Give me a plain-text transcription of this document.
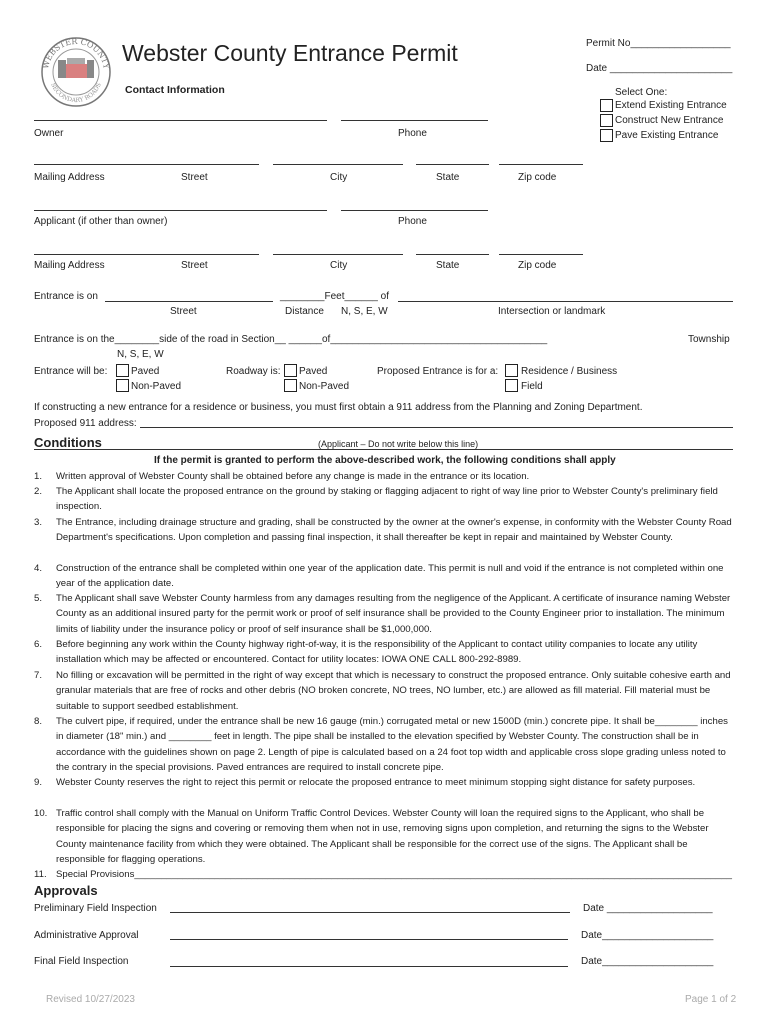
WEBSTER COUNTY
SECONDARY ROADS
Webster County Entrance Permit	Permit No__________________
Date ______________________
Contact Information	Select One:
Extend Existing Entrance
Construct New Entrance
Pave Existing Entrance
Owner	Phone
Mailing Address	Street	City	State	Zip code
Applicant (if other than owner)	Phone
Mailing Address	Street	City	State	Zip code
Entrance is on	________Feet______ of
Street	Distance N, S, E, W	Intersection or landmark
Entrance is on the________side of the road in Section__ ______of_______________________________________	Township
N, S, E, W
Entrance will be: Paved
Non-Paved
Roadway is: Paved
Non-Paved
Proposed Entrance is for a: Residence / Business
Field
If constructing a new entrance for a residence or business, you must first obtain a 911 address from the Planning and Zoning Department.
Proposed 911 address:
Conditions	(Applicant – Do not write below this line)
If the permit is granted to perform the above-described work, the following conditions shall apply
1.	Written approval of Webster County shall be obtained before any change is made in the entrance or its location.
2.	The Applicant shall locate the proposed entrance on the ground by staking or flagging adjacent to right of way line prior to Webster County's preliminary field inspection.
3.	The Entrance, including drainage structure and grading, shall be constructed by the owner at the owner's expense, in conformity with the Webster County Road Department's specifications. Upon completion and passing final inspection, it shall thereafter be kept in repair and maintained by Webster County.
4.	Construction of the entrance shall be completed within one year of the application date. This permit is null and void if the entrance is not completed within one year of the application date.
5.	The Applicant shall save Webster County harmless from any damages resulting from the negligence of the Applicant. A certificate of insurance naming Webster County as an additional insured party for the permit work or proof of self insurance shall be provided to the County Engineer prior to installation. The minimum limits of liability under the insurance policy or proof of self insurance shall be $1,000,000.
6.	Before beginning any work within the County highway right-of-way, it is the responsibility of the Applicant to contact utility companies to locate any utility installation which may be affected or encountered. Contact for utility locates: IOWA ONE CALL 800-292-8989.
7.	No filling or excavation will be permitted in the right of way except that which is necessary to construct the proposed entrance. Only suitable cohesive earth and granular materials that are free of rocks and other debris (NO broken concrete, NO trees, NO lumber, etc.) are allowed as fill material. Fill material must be suitable to support seedbed establishment.
8.	The culvert pipe, if required, under the entrance shall be new 16 gauge (min.) corrugated metal or new 1500D (min.) concrete pipe. It shall be________ inches in diameter (18" min.) and ________ feet in length. The pipe shall be installed to the elevation specified by Webster County. The construction shall be in accordance with the guidelines shown on page 2. Length of pipe is calculated based on a 24 foot top width and applicable cross slope grading unless noted to the contrary in the special provisions. Paved entrances are required to install concrete pipe.
9.	Webster County reserves the right to reject this permit or relocate the proposed entrance to meet minimum stopping sight distance for safety purposes.
10. Traffic control shall comply with the Manual on Uniform Traffic Control Devices. Webster County will loan the required signs to the Applicant, who shall be responsible for placing the signs and covering or removing them when not in use, removing signs upon completion, and returning the signs to the Webster County maintenance facility from which they were obtained. The Applicant shall be responsible for the correct use of the signs. The Applicant shall be responsible for flagging operations.
11. Special Provisions________________________________________________________________________________________________________________
Approvals
Preliminary Field Inspection	Date ___________________
Administrative Approval	Date____________________
Final Field Inspection	Date____________________
Revised 10/27/2023	Page 1 of 2
